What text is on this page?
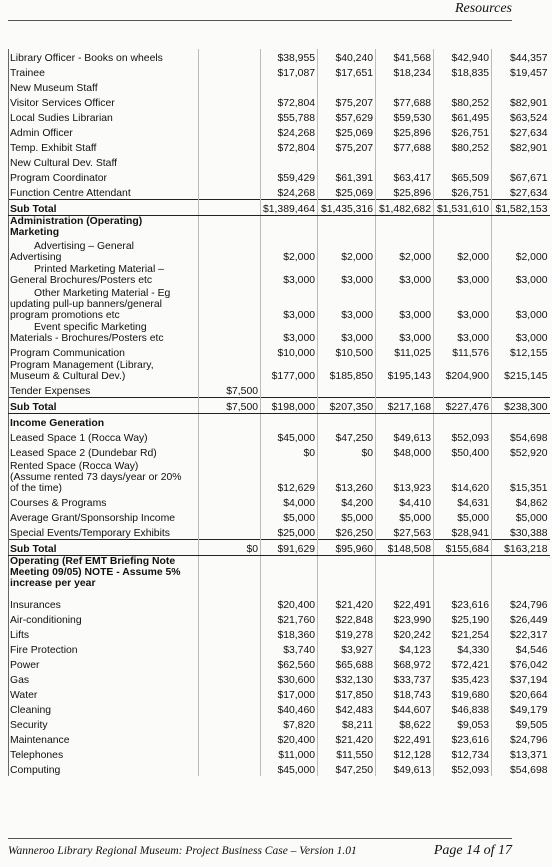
Resources
Library Officer - Books on wheels		$38,955	$40,240	$41,568	$42,940	$44,357
Trainee		$17,087	$17,651	$18,234	$18,835	$19,457
New Museum Staff						
Visitor Services Officer		$72,804	$75,207	$77,688	$80,252	$82,901
Local Sudies Librarian		$55,788	$57,629	$59,530	$61,495	$63,524
Admin Officer		$24,268	$25,069	$25,896	$26,751	$27,634
Temp. Exhibit Staff		$72,804	$75,207	$77,688	$80,252	$82,901
New Cultural Dev. Staff						
Program Coordinator		$59,429	$61,391	$63,417	$65,509	$67,671
Function Centre Attendant		$24,268	$25,069	$25,896	$26,751	$27,634
Sub Total		$1,389,464	$1,435,316	$1,482,682	$1,531,610	$1,582,153

Administration (Operating)
Marketing						

Advertising – General
Advertising		$2,000	$2,000	$2,000	$2,000	$2,000

Printed Marketing Material –
General Brochures/Posters etc		$3,000	$3,000	$3,000	$3,000	$3,000

Other Marketing Material - Eg
updating pull-up banners/general
program promotions etc		$3,000	$3,000	$3,000	$3,000	$3,000

Event specific Marketing
Materials - Brochures/Posters etc		$3,000	$3,000	$3,000	$3,000	$3,000
Program Communication		$10,000	$10,500	$11,025	$11,576	$12,155

Program Management (Library,
Museum & Cultural Dev.)		$177,000	$185,850	$195,143	$204,900	$215,145
Tender Expenses	$7,500					
Sub Total	$7,500	$198,000	$207,350	$217,168	$227,476	$238,300
Income Generation						
Leased Space 1 (Rocca Way)		$45,000	$47,250	$49,613	$52,093	$54,698
Leased Space 2 (Dundebar Rd)		$0	$0	$48,000	$50,400	$52,920

Rented Space (Rocca Way)
(Assume rented 73 days/year or 20%
of the time)		$12,629	$13,260	$13,923	$14,620	$15,351
Courses & Programs		$4,000	$4,200	$4,410	$4,631	$4,862
Average Grant/Sponsorship Income		$5,000	$5,000	$5,000	$5,000	$5,000
Special Events/Temporary Exhibits		$25,000	$26,250	$27,563	$28,941	$30,388
Sub Total	$0	$91,629	$95,960	$148,508	$155,684	$163,218

Operating (Ref EMT Briefing Note
Meeting 09/05) NOTE - Assume 5%
increase per year						

Insurances		$20,400	$21,420	$22,491	$23,616	$24,796
Air-conditioning		$21,760	$22,848	$23,990	$25,190	$26,449
Lifts		$18,360	$19,278	$20,242	$21,254	$22,317
Fire Protection		$3,740	$3,927	$4,123	$4,330	$4,546
Power		$62,560	$65,688	$68,972	$72,421	$76,042
Gas		$30,600	$32,130	$33,737	$35,423	$37,194
Water		$17,000	$17,850	$18,743	$19,680	$20,664
Cleaning		$40,460	$42,483	$44,607	$46,838	$49,179
Security		$7,820	$8,211	$8,622	$9,053	$9,505
Maintenance		$20,400	$21,420	$22,491	$23,616	$24,796
Telephones		$11,000	$11,550	$12,128	$12,734	$13,371
Computing		$45,000	$47,250	$49,613	$52,093	$54,698
Wanneroo Library Regional Museum: Project Business Case – Version 1.01	Page 14 of 17
